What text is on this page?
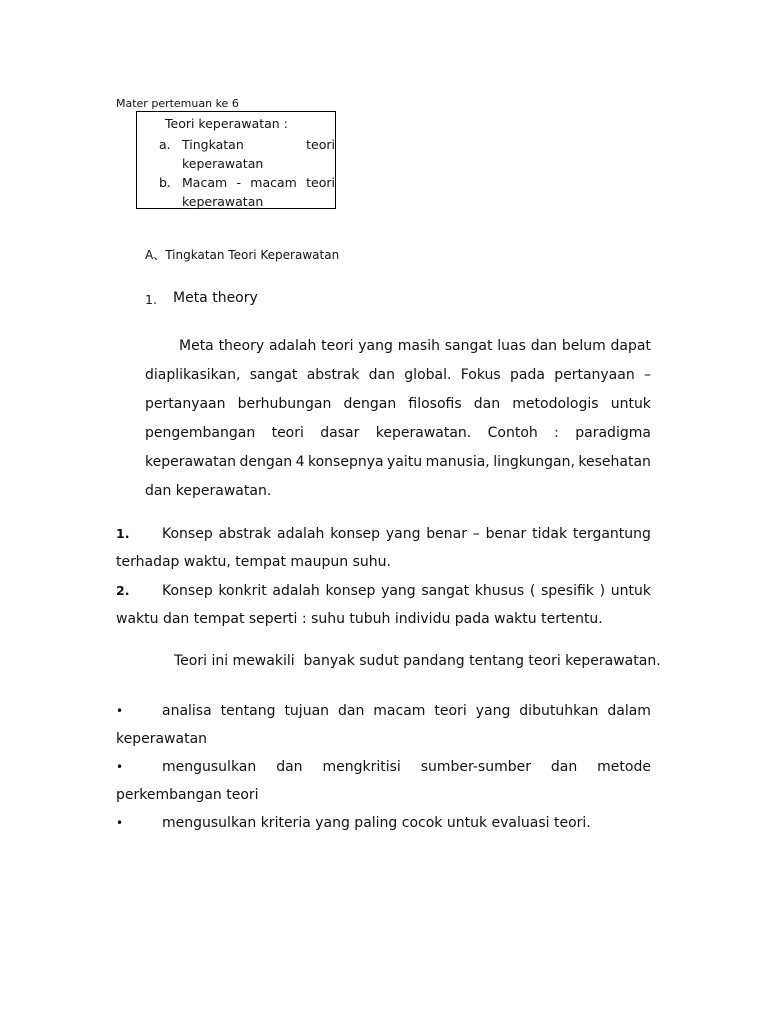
Mater pertemuan ke 6
Teori keperawatan :
a. Tingkatan	teori
keperawatan
b. Macam - macam teori
keperawatan
A、Tingkatan Teori Keperawatan
1. Meta theory
Meta theory adalah teori yang masih sangat luas dan belum dapat
diaplikasikan, sangat abstrak dan global. Fokus pada pertanyaan –
pertanyaan berhubungan dengan filosofis dan metodologis untuk
pengembangan teori dasar keperawatan. Contoh : paradigma
keperawatan dengan 4 konsepnya yaitu manusia, lingkungan, kesehatan
dan keperawatan.
1. Konsep abstrak adalah konsep yang benar – benar tidak tergantung
terhadap waktu, tempat maupun suhu.
2. Konsep konkrit adalah konsep yang sangat khusus ( spesifik ) untuk
waktu dan tempat seperti : suhu tubuh individu pada waktu tertentu.
Teori ini mewakili  banyak sudut pandang tentang teori keperawatan.
•	analisa tentang tujuan dan macam teori yang dibutuhkan dalam
keperawatan
•	mengusulkan dan mengkritisi sumber-sumber dan metode
perkembangan teori
•	mengusulkan kriteria yang paling cocok untuk evaluasi teori.
